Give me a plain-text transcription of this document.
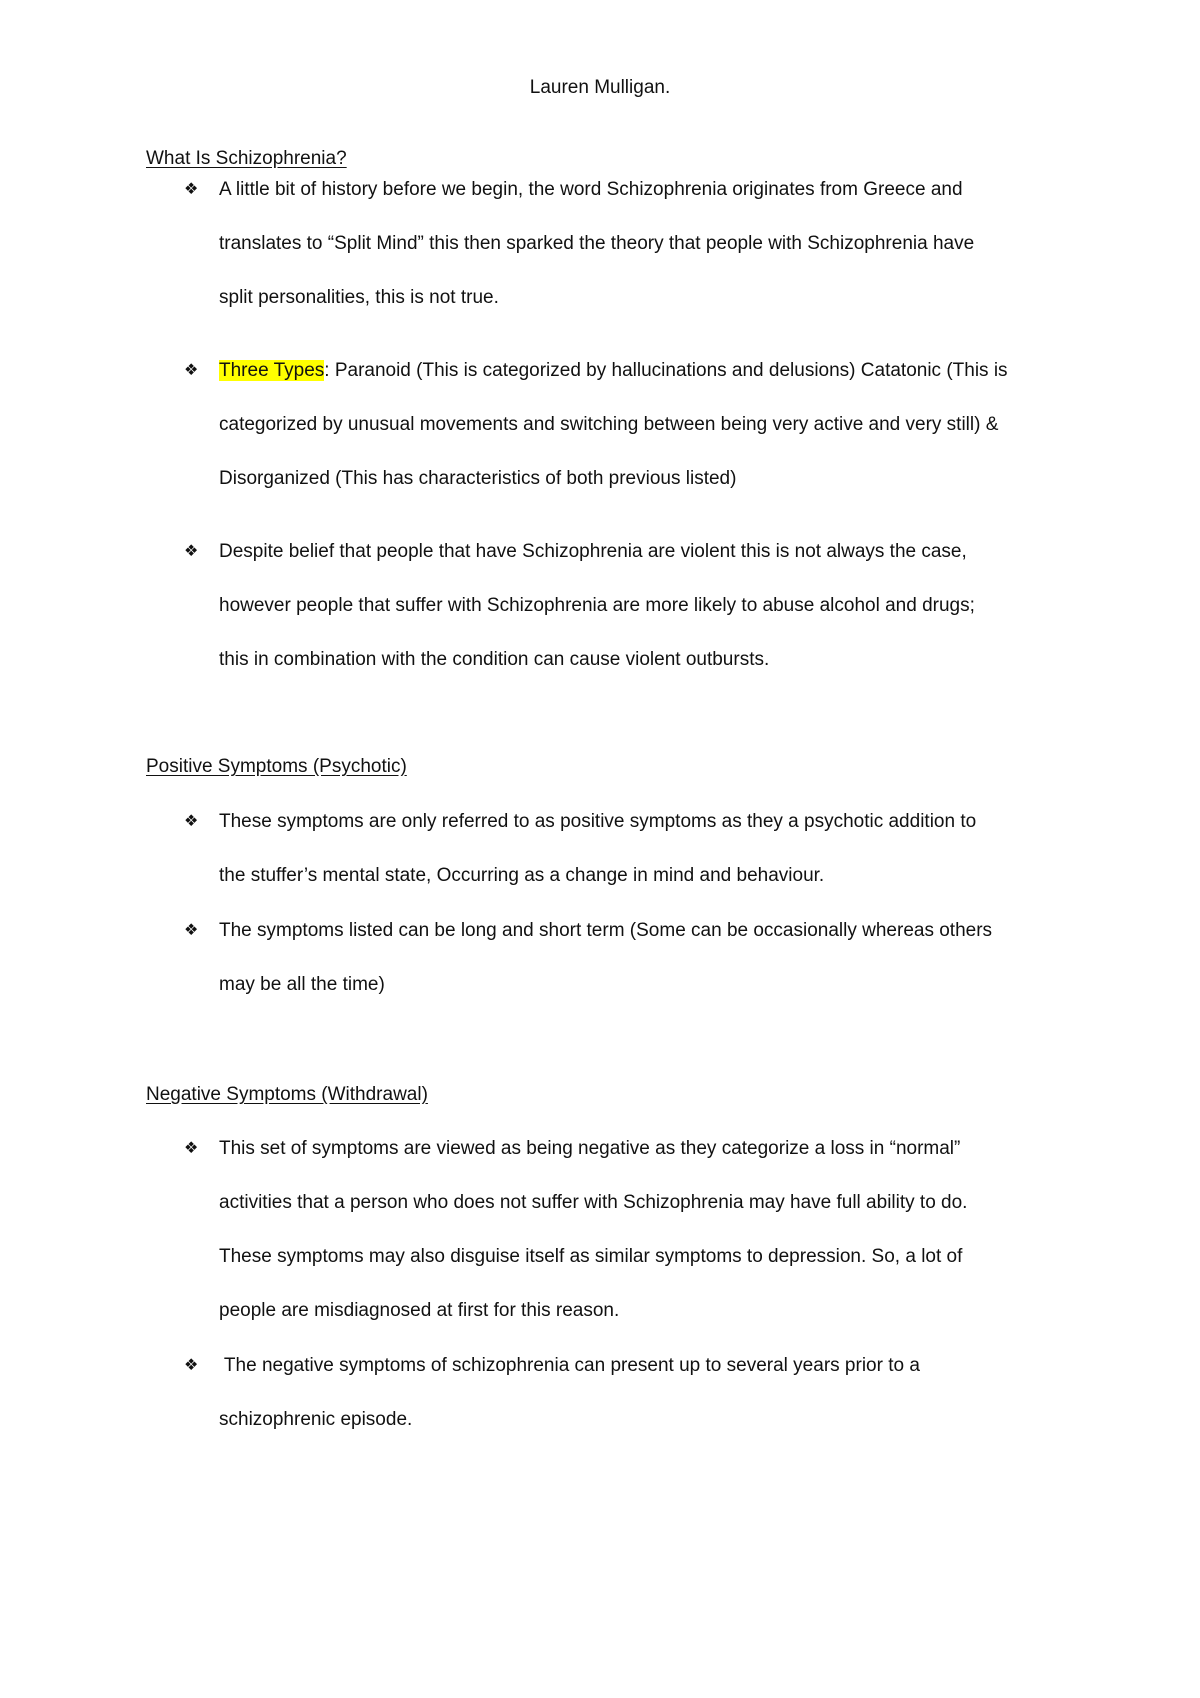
Lauren Mulligan.
What Is Schizophrenia?
❖ A little bit of history before we begin, the word Schizophrenia originates from Greece and
translates to “Split Mind” this then sparked the theory that people with Schizophrenia have
split personalities, this is not true.
❖ Three Types: Paranoid (This is categorized by hallucinations and delusions) Catatonic (This is
categorized by unusual movements and switching between being very active and very still) &
Disorganized (This has characteristics of both previous listed)
❖ Despite belief that people that have Schizophrenia are violent this is not always the case,
however people that suffer with Schizophrenia are more likely to abuse alcohol and drugs;
this in combination with the condition can cause violent outbursts.
Positive Symptoms (Psychotic)
❖ These symptoms are only referred to as positive symptoms as they a psychotic addition to
the stuffer’s mental state, Occurring as a change in mind and behaviour.
❖ The symptoms listed can be long and short term (Some can be occasionally whereas others
may be all the time)
Negative Symptoms (Withdrawal)
❖ This set of symptoms are viewed as being negative as they categorize a loss in “normal”
activities that a person who does not suffer with Schizophrenia may have full ability to do.
These symptoms may also disguise itself as similar symptoms to depression. So, a lot of
people are misdiagnosed at first for this reason.
❖ The negative symptoms of schizophrenia can present up to several years prior to a
schizophrenic episode.
